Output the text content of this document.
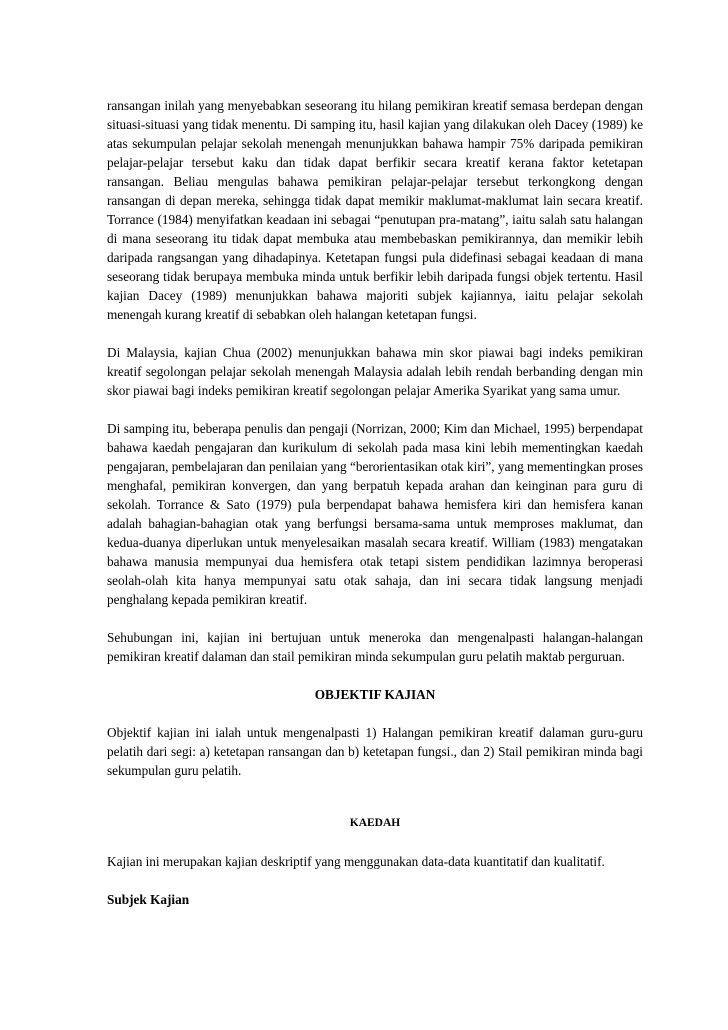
ransangan inilah yang menyebabkan seseorang itu hilang pemikiran kreatif semasa berdepan dengan situasi-situasi yang tidak menentu. Di samping itu, hasil kajian yang dilakukan oleh Dacey (1989) ke atas sekumpulan pelajar sekolah menengah menunjukkan bahawa hampir 75% daripada pemikiran pelajar-pelajar tersebut kaku dan tidak dapat berfikir secara kreatif kerana faktor ketetapan ransangan. Beliau mengulas bahawa pemikiran pelajar-pelajar tersebut terkongkong dengan ransangan di depan mereka, sehingga tidak dapat memikir maklumat-maklumat lain secara kreatif. Torrance (1984) menyifatkan keadaan ini sebagai “penutupan pra-matang”, iaitu salah satu halangan di mana seseorang itu tidak dapat membuka atau membebaskan pemikirannya, dan memikir lebih daripada rangsangan yang dihadapinya. Ketetapan fungsi pula didefinasi sebagai keadaan di mana seseorang tidak berupaya membuka minda untuk berfikir lebih daripada fungsi objek tertentu. Hasil kajian Dacey (1989) menunjukkan bahawa majoriti subjek kajiannya, iaitu pelajar sekolah menengah kurang kreatif di sebabkan oleh halangan ketetapan fungsi.

Di Malaysia, kajian Chua (2002) menunjukkan bahawa min skor piawai bagi indeks pemikiran kreatif segolongan pelajar sekolah menengah Malaysia adalah lebih rendah berbanding dengan min skor piawai bagi indeks pemikiran kreatif segolongan pelajar Amerika Syarikat yang sama umur.

Di samping itu, beberapa penulis dan pengaji (Norrizan, 2000; Kim dan Michael, 1995) berpendapat bahawa kaedah pengajaran dan kurikulum di sekolah pada masa kini lebih mementingkan kaedah pengajaran, pembelajaran dan penilaian yang “berorientasikan otak kiri”, yang mementingkan proses menghafal, pemikiran konvergen, dan yang berpatuh kepada arahan dan keinginan para guru di sekolah. Torrance & Sato (1979) pula berpendapat bahawa hemisfera kiri dan hemisfera kanan adalah bahagian-bahagian otak yang berfungsi bersama-sama untuk memproses maklumat, dan kedua-duanya diperlukan untuk menyelesaikan masalah secara kreatif. William (1983) mengatakan bahawa manusia mempunyai dua hemisfera otak tetapi sistem pendidikan lazimnya beroperasi seolah-olah kita hanya mempunyai satu otak sahaja, dan ini secara tidak langsung menjadi penghalang kepada pemikiran kreatif.

Sehubungan ini, kajian ini bertujuan untuk meneroka dan mengenalpasti halangan-halangan pemikiran kreatif dalaman dan stail pemikiran minda sekumpulan guru pelatih maktab perguruan.

OBJEKTIF KAJIAN

Objektif kajian ini ialah untuk mengenalpasti 1) Halangan pemikiran kreatif dalaman guru-guru pelatih dari segi: a) ketetapan ransangan dan b) ketetapan fungsi., dan 2) Stail pemikiran minda bagi sekumpulan guru pelatih.

KAEDAH

Kajian ini merupakan kajian deskriptif yang menggunakan data-data kuantitatif dan kualitatif.

Subjek Kajian
